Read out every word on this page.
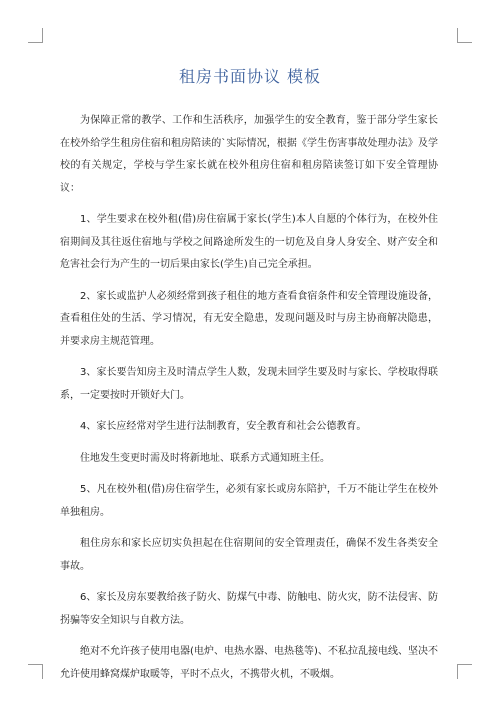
租房书面协议 模板

为保障正常的教学、工作和生活秩序，加强学生的安全教育，鉴于部分学生家长在校外给学生租房住宿和租房陪读的`实际情况，根据《学生伤害事故处理办法》及学校的有关规定，学校与学生家长就在校外租房住宿和租房陪读签订如下安全管理协议：

1、学生要求在校外租(借)房住宿属于家长(学生)本人自愿的个体行为，在校外住宿期间及其往返住宿地与学校之间路途所发生的一切危及自身人身安全、财产安全和危害社会行为产生的一切后果由家长(学生)自己完全承担。

2、家长或监护人必须经常到孩子租住的地方查看食宿条件和安全管理设施设备，查看租住处的生活、学习情况，有无安全隐患，发现问题及时与房主协商解决隐患，并要求房主规范管理。

3、家长要告知房主及时清点学生人数，发现未回学生要及时与家长、学校取得联系，一定要按时开锁好大门。

4、家长应经常对学生进行法制教育，安全教育和社会公德教育。

住地发生变更时需及时将新地址、联系方式通知班主任。

5、凡在校外租(借)房住宿学生，必须有家长或房东陪护，千万不能让学生在校外单独租房。

租住房东和家长应切实负担起在住宿期间的安全管理责任，确保不发生各类安全事故。

6、家长及房东要教给孩子防火、防煤气中毒、防触电、防火灾，防不法侵害、防拐骗等安全知识与自救方法。

绝对不允许孩子使用电器(电炉、电热水器、电热毯等)、不私拉乱接电线、坚决不允许使用蜂窝煤炉取暖等，平时不点火，不携带火机，不吸烟。
